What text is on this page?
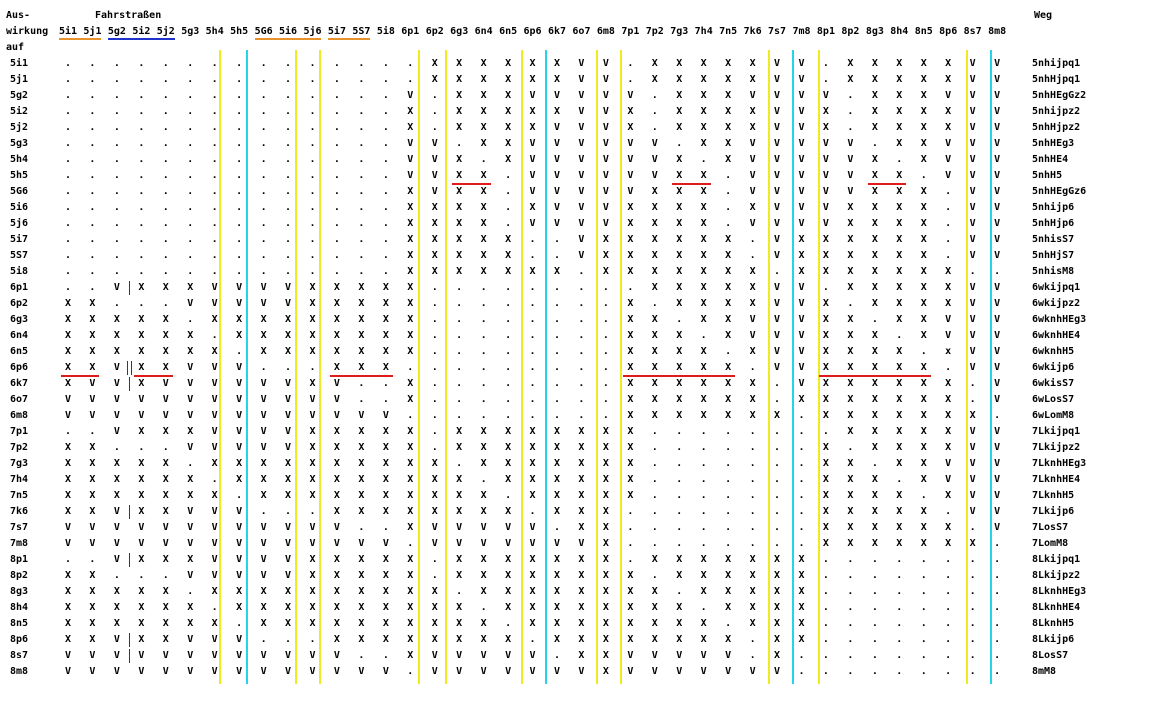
Aus-
wirkung
auf
Fahrstraßen	Weg
5i1 5j1 5g2 5i2 5j2 5g3 5h4 5h5 5G6 5i6 5j6 5i7 5S7 5i8 6p1 6p2 6g3 6n4 6n5 6p6 6k7 6o7 6m8 7p1 7p2 7g3 7h4 7n5 7k6 7s7 7m8 8p1 8p2 8g3 8h4 8n5 8p6 8s7 8m8
5i1	.	.	.	.	.	.	.	.	.	.	.	.	.	.	.	X	X	X	X	X	X	V	V	.	X	X	X	X	X	V	V	.	X	X	X	X	X	V	V	5nhijpq1
5j1	.	.	.	.	.	.	.	.	.	.	.	.	.	.	.	X	X	X	X	X	X	V	V	.	X	X	X	X	X	V	V	.	X	X	X	X	X	V	V	5nhHjpq1
5g2	.	.	.	.	.	.	.	.	.	.	.	.	.	.	V	.	X	X	X	V	V	V	V	V	.	X	X	X	V	V	V	V	.	X	X	X	V	V	V	5nhHEgGz2
5i2	.	.	.	.	.	.	.	.	.	.	.	.	.	.	X	.	X	X	X	X	X	V	V	X	.	X	X	X	X	V	V	X	.	X	X	X	X	V	V	5nhijpz2
5j2	.	.	.	.	.	.	.	.	.	.	.	.	.	.	X	.	X	X	X	X	V	V	V	X	.	X	X	X	X	V	V	X	.	X	X	X	X	V	V	5nhHjpz2
5g3	.	.	.	.	.	.	.	.	.	.	.	.	.	.	V	V	.	X	X	V	V	V	V	V	V	.	X	X	V	V	V	V	V	.	X	X	V	V	V	5nhHEg3
5h4	.	.	.	.	.	.	.	.	.	.	.	.	.	.	V	V	X	.	X	V	V	V	V	V	V	X	.	X	V	V	V	V	V	X	.	X	V	V	V	5nhHE4
5h5	.	.	.	.	.	.	.	.	.	.	.	.	.	.	V	V	X	X	.	V	V	V	V	V	V	X	X	.	V	V	V	V	V	X	X	.	V	V	V	5nhH5
5G6	.	.	.	.	.	.	.	.	.	.	.	.	.	.	X	V	X	X	.	V	V	V	V	V	X	X	X	.	V	V	V	V	V	X	X	X	.	V	V	5nhHEgGz6
5i6	.	.	.	.	.	.	.	.	.	.	.	.	.	.	X	X	X	X	.	X	V	V	V	X	X	X	X	.	X	V	V	V	X	X	X	X	.	V	V	5nhijp6
5j6	.	.	.	.	.	.	.	.	.	.	.	.	.	.	X	X	X	X	.	V	V	V	V	X	X	X	X	.	V	V	V	V	X	X	X	X	.	V	V	5nhHjp6
5i7	.	.	.	.	.	.	.	.	.	.	.	.	.	.	X	X	X	X	X	.	.	V	X	X	X	X	X	X	.	V	X	X	X	X	X	X	.	V	V	5nhisS7
5S7	.	.	.	.	.	.	.	.	.	.	.	.	.	.	X	X	X	X	X	.	.	V	X	X	X	X	X	X	.	V	X	X	X	X	X	X	.	V	V	5nhHjS7
5i8	.	.	.	.	.	.	.	.	.	.	.	.	.	.	X	X	X	X	X	X	X	.	X	X	X	X	X	X	X	.	X	X	X	X	X	X	X	.	.	5nhisM8
6p1	.	.	V	X	X	X	V	V	V	V	X	X	X	X	X	.	.	.	.	.	.	.	.	.	X	X	X	X	X	V	V	.	X	X	X	X	X	V	V	6wkijpq1
6p2	X	X	.	.	.	V	V	V	V	V	X	X	X	X	X	.	.	.	.	.	.	.	.	X	.	X	X	X	X	V	V	X	.	X	X	X	X	V	V	6wkijpz2
6g3	X	X	X	X	X	.	X	X	X	X	X	X	X	X	X	.	.	.	.	.	.	.	.	X	X	.	X	X	V	V	V	X	X	.	X	X	V	V	V	6wknhHEg3
6n4	X	X	X	X	X	X	.	X	X	X	X	X	X	X	X	.	.	.	.	.	.	.	.	X	X	X	.	X	V	V	V	X	X	X	.	X	V	V	V	6wknhHE4
6n5	X	X	X	X	X	X	X	.	X	X	X	X	X	X	X	.	.	.	.	.	.	.	.	X	X	X	X	.	X	V	V	X	X	X	X	.	x	V	V	6wknhH5
6p6	X	X	V	X	X	V	V	V	.	.	.	X	X	X	.	.	.	.	.	.	.	.	.	X	X	X	X	X	.	V	V	X	X	X	X	X	.	V	V	6wkijp6
6k7	X	V	V	X	V	V	V	V	V	V	X	V	.	.	X	.	.	.	.	.	.	.	.	X	X	X	X	X	X	.	V	X	X	X	X	X	X	.	V	6wkisS7
6o7	V	V	V	V	V	V	V	V	V	V	V	V	.	.	X	.	.	.	.	.	.	.	.	X	X	X	X	X	X	.	X	X	X	X	X	X	X	.	V	6wLosS7
6m8	V	V	V	V	V	V	V	V	V	V	V	V	V	V	.	.	.	.	.	.	.	.	.	X	X	X	X	X	X	X	.	X	X	X	X	X	X	X	.	6wLomM8
7p1	.	.	V	X	X	X	V	V	V	V	X	X	X	X	X	.	X	X	X	X	X	X	X	X	.	.	.	.	.	.	.	.	X	X	X	X	X	V	V	7Lkijpq1
7p2	X	X	.	.	.	V	V	V	V	V	X	X	X	X	X	.	X	X	X	X	X	X	X	X	.	.	.	.	.	.	.	X	.	X	X	X	X	V	V	7Lkijpz2
7g3	X	X	X	X	X	.	X	X	X	X	X	X	X	X	X	X	.	X	X	X	X	X	X	X	.	.	.	.	.	.	.	X	X	.	X	X	V	V	V	7LknhHEg3
7h4	X	X	X	X	X	X	.	X	X	X	X	X	X	X	X	X	X	.	X	X	X	X	X	X	.	.	.	.	.	.	.	X	X	X	.	X	V	V	V	7LknhHE4
7n5	X	X	X	X	X	X	X	.	X	X	X	X	X	X	X	X	X	X	.	X	X	X	X	X	.	.	.	.	.	.	.	X	X	X	X	.	X	V	V	7LknhH5
7k6	X	X	V	X	X	V	V	V	.	.	.	X	X	X	X	X	X	X	X	.	X	X	X	.	.	.	.	.	.	.	.	X	X	X	X	X	.	V	V	7Lkijp6
7s7	V	V	V	V	V	V	V	V	V	V	V	V	.	.	X	V	V	V	V	V	.	X	X	.	.	.	.	.	.	.	.	X	X	X	X	X	X	.	V	7LosS7
7m8	V	V	V	V	V	V	V	V	V	V	V	V	V	V	.	V	V	V	V	V	V	V	X	.	.	.	.	.	.	.	.	X	X	X	X	X	X	X	.	7LomM8
8p1	.	.	V	X	X	X	V	V	V	V	X	X	X	X	X	.	X	X	X	X	X	X	X	.	X	X	X	X	X	X	X	.	.	.	.	.	.	.	.	8Lkijpq1
8p2	X	X	.	.	.	V	V	V	V	V	X	X	X	X	X	.	X	X	X	X	X	X	X	X	.	X	X	X	X	X	X	.	.	.	.	.	.	.	.	8Lkijpz2
8g3	X	X	X	X	X	.	X	X	X	X	X	X	X	X	X	X	.	X	X	X	X	X	X	X	X	.	X	X	X	X	X	.	.	.	.	.	.	.	.	8LknhHEg3
8h4	X	X	X	X	X	X	.	X	X	X	X	X	X	X	X	X	X	.	X	X	X	X	X	X	X	X	.	X	X	X	X	.	.	.	.	.	.	.	.	8LknhHE4
8n5	X	X	X	X	X	X	X	.	X	X	X	X	X	X	X	X	X	X	.	X	X	X	X	X	X	X	X	.	X	X	X	.	.	.	.	.	.	.	.	8LknhH5
8p6	X	X	V	X	X	V	V	V	.	.	.	X	X	X	X	X	X	X	X	.	X	X	X	X	X	X	X	X	.	X	X	.	.	.	.	.	.	.	.	8Lkijp6
8s7	V	V	V	V	V	V	V	V	V	V	V	V	.	.	X	V	V	V	V	V	.	X	X	V	V	V	V	V	.	X	.	.	.	.	.	.	.	.	.	8LosS7
8m8	V	V	V	V	V	V	V	V	V	V	V	V	V	V	.	V	V	V	V	V	V	V	X	V	V	V	V	V	V	V	.	.	.	.	.	.	.	.	.	8mM8
